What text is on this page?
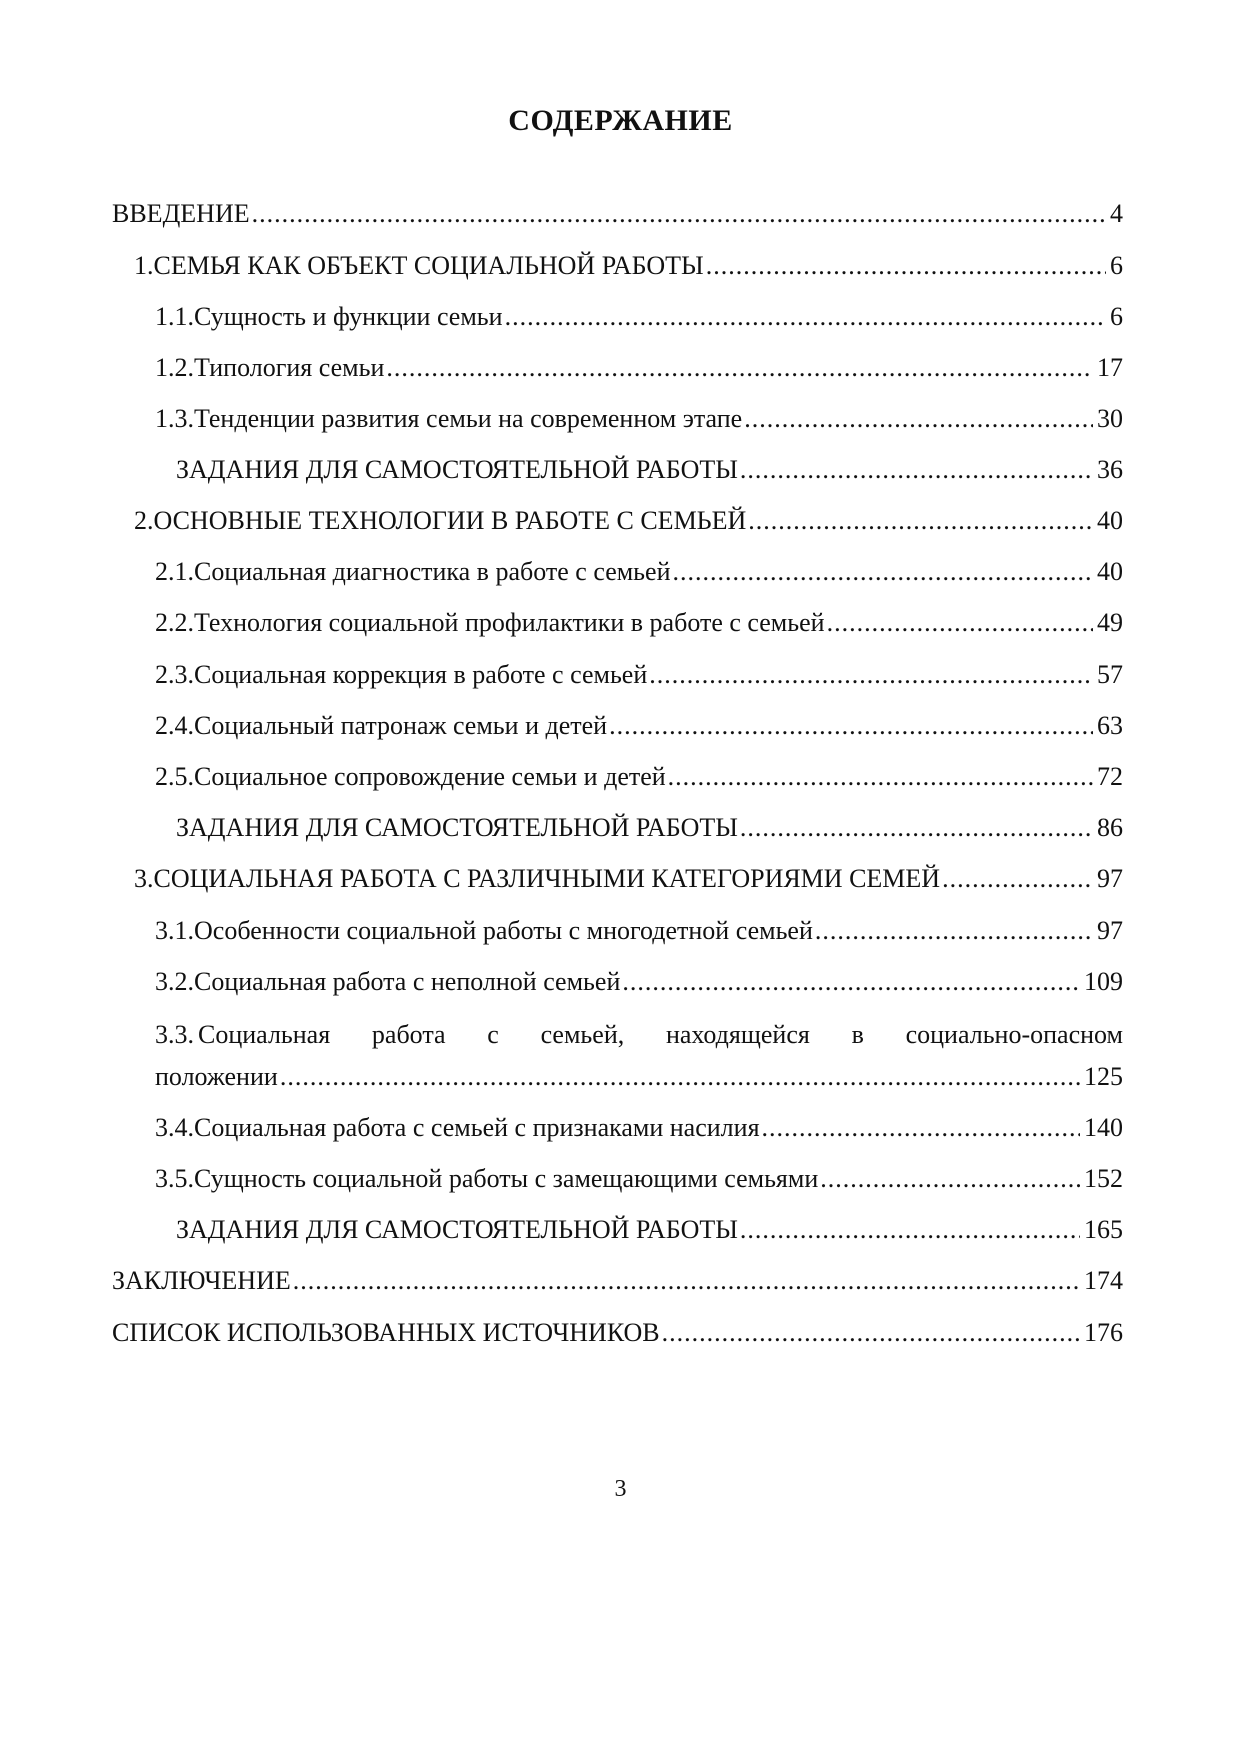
СОДЕРЖАНИЕ
ВВЕДЕНИЕ .....	4
1. СЕМЬЯ КАК ОБЪЕКТ СОЦИАЛЬНОЙ РАБОТЫ .....	6
1.1. Сущность и функции семьи .....	6
1.2. Типология семьи .....	17
1.3. Тенденции развития семьи на современном этапе .....	30
ЗАДАНИЯ ДЛЯ САМОСТОЯТЕЛЬНОЙ РАБОТЫ .....	36
2. ОСНОВНЫЕ ТЕХНОЛОГИИ В РАБОТЕ С СЕМЬЕЙ .....	40
2.1. Социальная диагностика в работе с семьей .....	40
2.2. Технология социальной профилактики в работе с семьей .....	49
2.3. Социальная коррекция в работе с семьей .....	57
2.4. Социальный патронаж семьи и детей .....	63
2.5. Социальное сопровождение семьи и детей .....	72
ЗАДАНИЯ ДЛЯ САМОСТОЯТЕЛЬНОЙ РАБОТЫ .....	86
3. СОЦИАЛЬНАЯ РАБОТА С РАЗЛИЧНЫМИ КАТЕГОРИЯМИ СЕМЕЙ .....	97
3.1. Особенности социальной работы с многодетной семьей .....	97
3.2. Социальная работа с неполной семьей .....	109
3.3. Социальная работа с семьей, находящейся в социально-опасном
положении .....	125
3.4. Социальная работа с семьей с признаками насилия .....	140
3.5. Сущность социальной работы с замещающими семьями .....	152
ЗАДАНИЯ ДЛЯ САМОСТОЯТЕЛЬНОЙ РАБОТЫ .....	165
ЗАКЛЮЧЕНИЕ .....	174
СПИСОК ИСПОЛЬЗОВАННЫХ ИСТОЧНИКОВ .....	176
3
